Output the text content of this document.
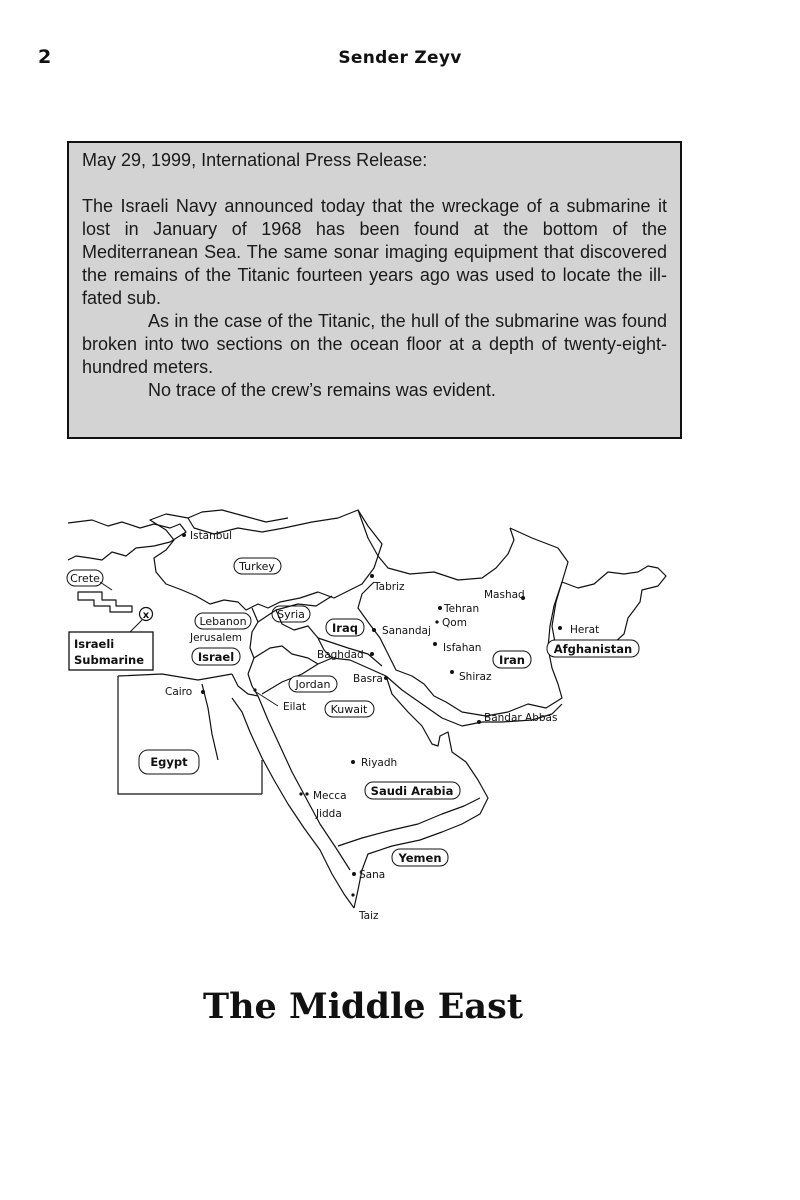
2	Sender Zeyv

May 29, 1999, International Press Release:

The Israeli Navy announced today that the wreckage of a submarine it lost in January of 1968 has been found at the bottom of the Mediterranean Sea. The same sonar imaging equipment that discovered the remains of the Titanic fourteen years ago was used to locate the ill-fated sub.

As in the case of the Titanic, the hull of the submarine was found broken into two sections on the ocean floor at a depth of twenty-eight-hundred meters.

No trace of the crew’s remains was evident.

Turkey
Syria
Lebanon
Israel
Iraq
Jordan
Kuwait
Iran
Afghanistan
Egypt
Saudi Arabia
Yemen
Crete
Istanbul
Tabriz
Mashad
Tehran
Qom
Sanandaj	Herat
Jerusalem
Baghdad
Isfahan
Basra	Shiraz
Cairo
Eilat
Bandar Abbas
Riyadh
Mecca
Jidda
Sana
Taiz
x
Israeli
Submarine
The Middle East
